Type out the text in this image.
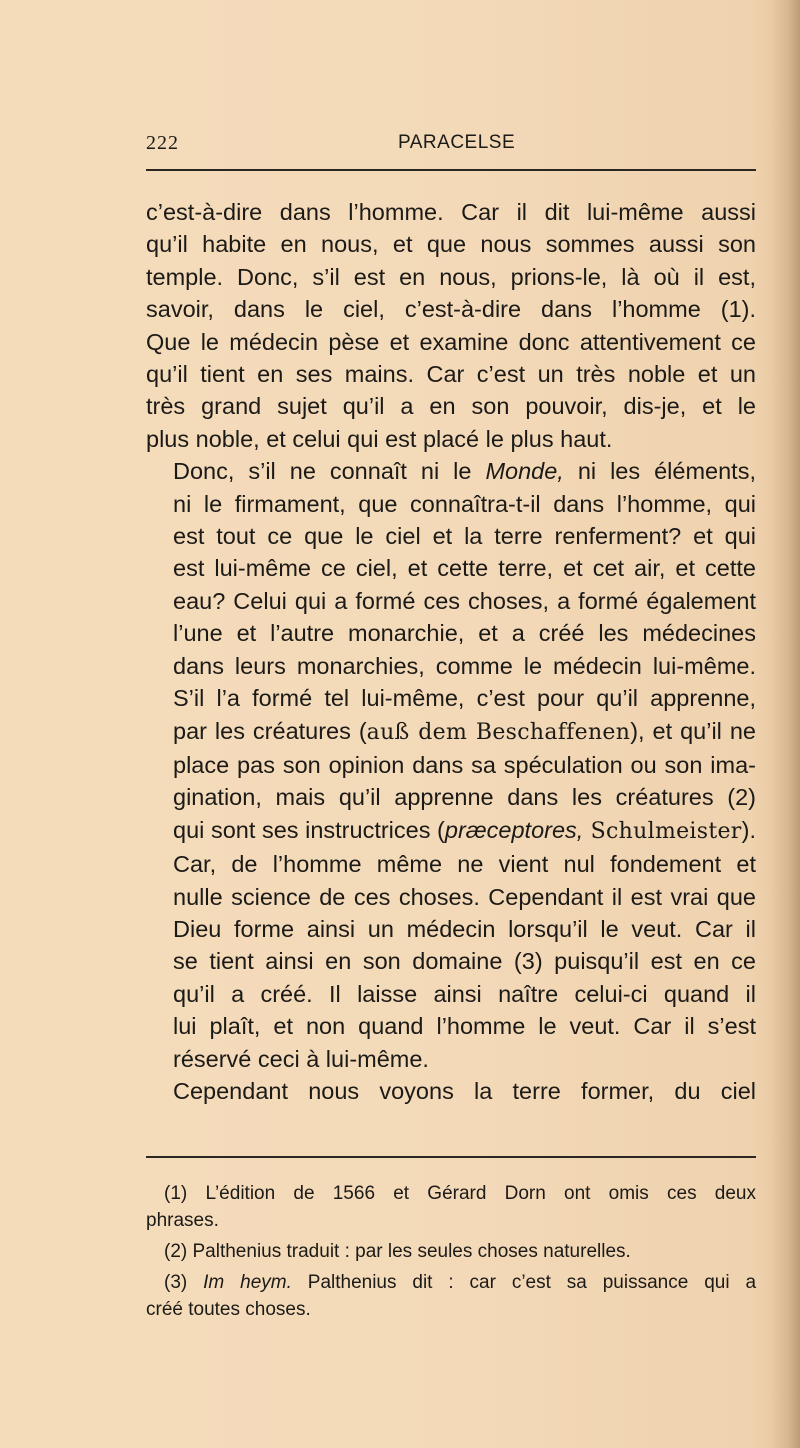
222	PARACELSE

c’est-à-dire dans l’homme. Car il dit lui-même aussi
qu’il habite en nous, et que nous sommes aussi son
temple. Donc, s’il est en nous, prions-le, là où il est,
savoir, dans le ciel, c’est-à-dire dans l’homme (1).
Que le médecin pèse et examine donc attentivement ce
qu’il tient en ses mains. Car c’est un très noble et un
très grand sujet qu’il a en son pouvoir, dis-je, et le
plus noble, et celui qui est placé le plus haut.

Donc, s’il ne connaît ni le Monde, ni les éléments,
ni le firmament, que connaîtra-t-il dans l’homme, qui
est tout ce que le ciel et la terre renferment? et qui
est lui-même ce ciel, et cette terre, et cet air, et cette
eau? Celui qui a formé ces choses, a formé également
l’une et l’autre monarchie, et a créé les médecines
dans leurs monarchies, comme le médecin lui-même.
S’il l’a formé tel lui-même, c’est pour qu’il apprenne,
par les créatures (auß dem Beschaffenen), et qu’il ne
place pas son opinion dans sa spéculation ou son ima-
gination, mais qu’il apprenne dans les créatures (2)
qui sont ses instructrices (præceptores, Schulmeister).
Car, de l’homme même ne vient nul fondement et
nulle science de ces choses. Cependant il est vrai que
Dieu forme ainsi un médecin lorsqu’il le veut. Car il
se tient ainsi en son domaine (3) puisqu’il est en ce
qu’il a créé. Il laisse ainsi naître celui-ci quand il
lui plaît, et non quand l’homme le veut. Car il s’est
réservé ceci à lui-même.

Cependant nous voyons la terre former, du ciel

(1) L’édition de 1566 et Gérard Dorn ont omis ces deux
phrases.

(2) Palthenius traduit : par les seules choses naturelles.

(3) Im heym. Palthenius dit : car c’est sa puissance qui a
créé toutes choses.
